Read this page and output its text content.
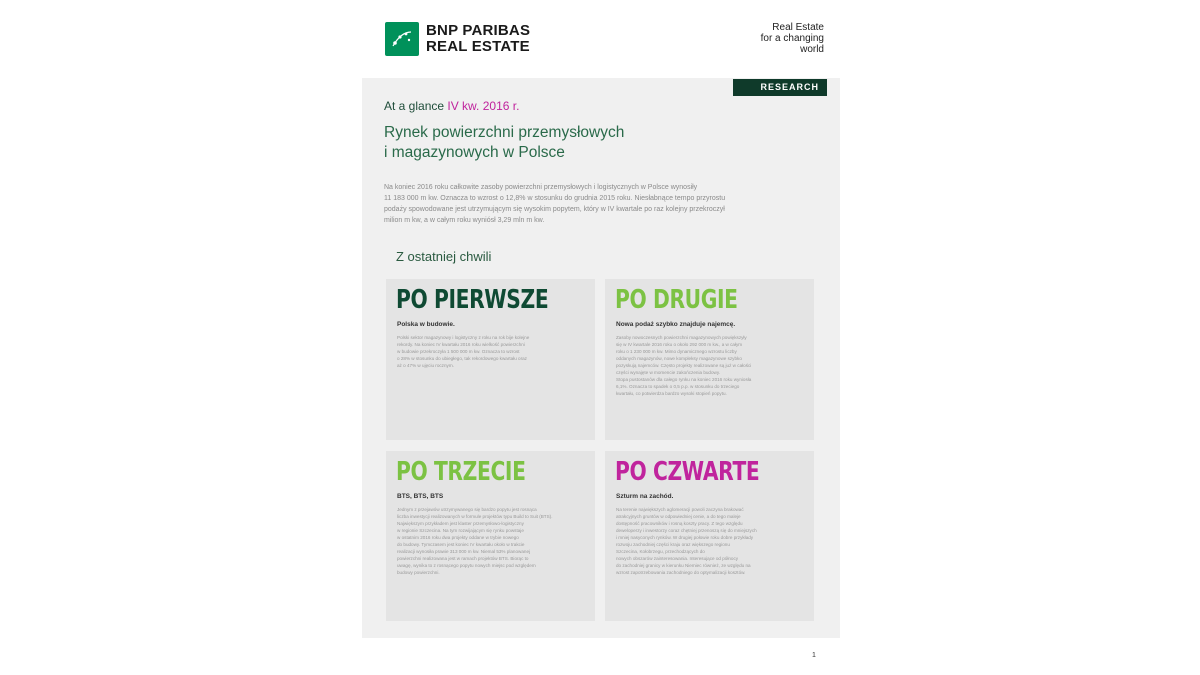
BNP PARIBAS
REAL ESTATE
Real Estate
for a changing
world
RESEARCH
At a glance IV kw. 2016 r.
Rynek powierzchni przemysłowych
i magazynowych w Polsce
Na koniec 2016 roku całkowite zasoby powierzchni przemysłowych i logistycznych w Polsce wynosiły
11 183 000 m kw. Oznacza to wzrost o 12,8% w stosunku do grudnia 2015 roku. Niesłabnące tempo przyrostu
podaży spowodowane jest utrzymującym się wysokim popytem, który w IV kwartale po raz kolejny przekroczył
milion m kw, a w całym roku wyniósł 3,29 mln m kw.
Z ostatniej chwili
PO PIERWSZE
Polska w budowie.
Polski sektor magazynowy i logistyczny z roku na rok bije kolejne
rekordy. Na koniec IV kwartału 2016 roku wielkość powierzchni
w budowie przekroczyła 1 500 000 m kw. Oznacza to wzrost
o 28% w stosunku do ubiegłego, tak rekordowego kwartału oraz
aż o 47% w ujęciu rocznym.
PO DRUGIE
Nowa podaż szybko znajduje najemcę.
Zasoby nowoczesnych powierzchni magazynowych powiększyły
się w IV kwartale 2016 roku o około 292 000 m kw., a w całym
roku o 1 230 000 m kw. Mimo dynamicznego wzrostu liczby
oddanych magazynów, nowe kompleksy magazynowe szybko
pozyskują najemców. Często projekty realizowane są już w całości
części wynajęte w momencie zakończenia budowy.
Stopa pustostanów dla całego rynku na koniec 2016 roku wyniosła
6,1%. Oznacza to spadek o 0,5 p.p. w stosunku do trzeciego
kwartału, co potwierdza bardzo wysoki stopień popytu.
PO TRZECIE
BTS, BTS, BTS
Jednym z przejawów utrzymywanego się bardzo popytu jest rosnąca
liczba inwestycji realizowanych w formule projektów typu Build to Suit (BTS).
Największym przykładem jest klaster przemysłowo-logistyczny
w regionie Szczecina. Na tym rozwijającym się rynku powstaje
w ostatnim 2016 roku dwa projekty oddane w trybie nowego
do budowy. Tymczasem jest koniec IV kwartału około w trakcie
realizacji wynosiła prawie 313 000 m kw. Niemal 53% planowanej
powierzchni realizowana jest w ramach projektów BTS. Biorąc to
uwagę, wynika to z rosnącego popytu nowych miejsc pod względem
budowy powierzchni.
PO CZWARTE
Szturm na zachód.
Na terenie największych aglomeracji powoli zaczyna brakować
atrakcyjnych gruntów w odpowiedniej cenie, a do tego maleje
dostępność pracowników i rosną koszty pracy. Z tego względu
deweloperzy i inwestorzy coraz chętniej przenoszą się do mniejszych
i mniej nasyconych rynków. W drugiej połowie roku dobre przykłady
rozwoju zachodniej części kraju oraz większego regionu
Szczecina, Kołobrzegu, przechodzących do
nowych obszarów zainteresowania. Interesujące od północy
do zachodniej granicy w kierunku Niemiec również, ze względu na
wzrost zapotrzebowania zachodniego do optymalizacji kosztów.
1
